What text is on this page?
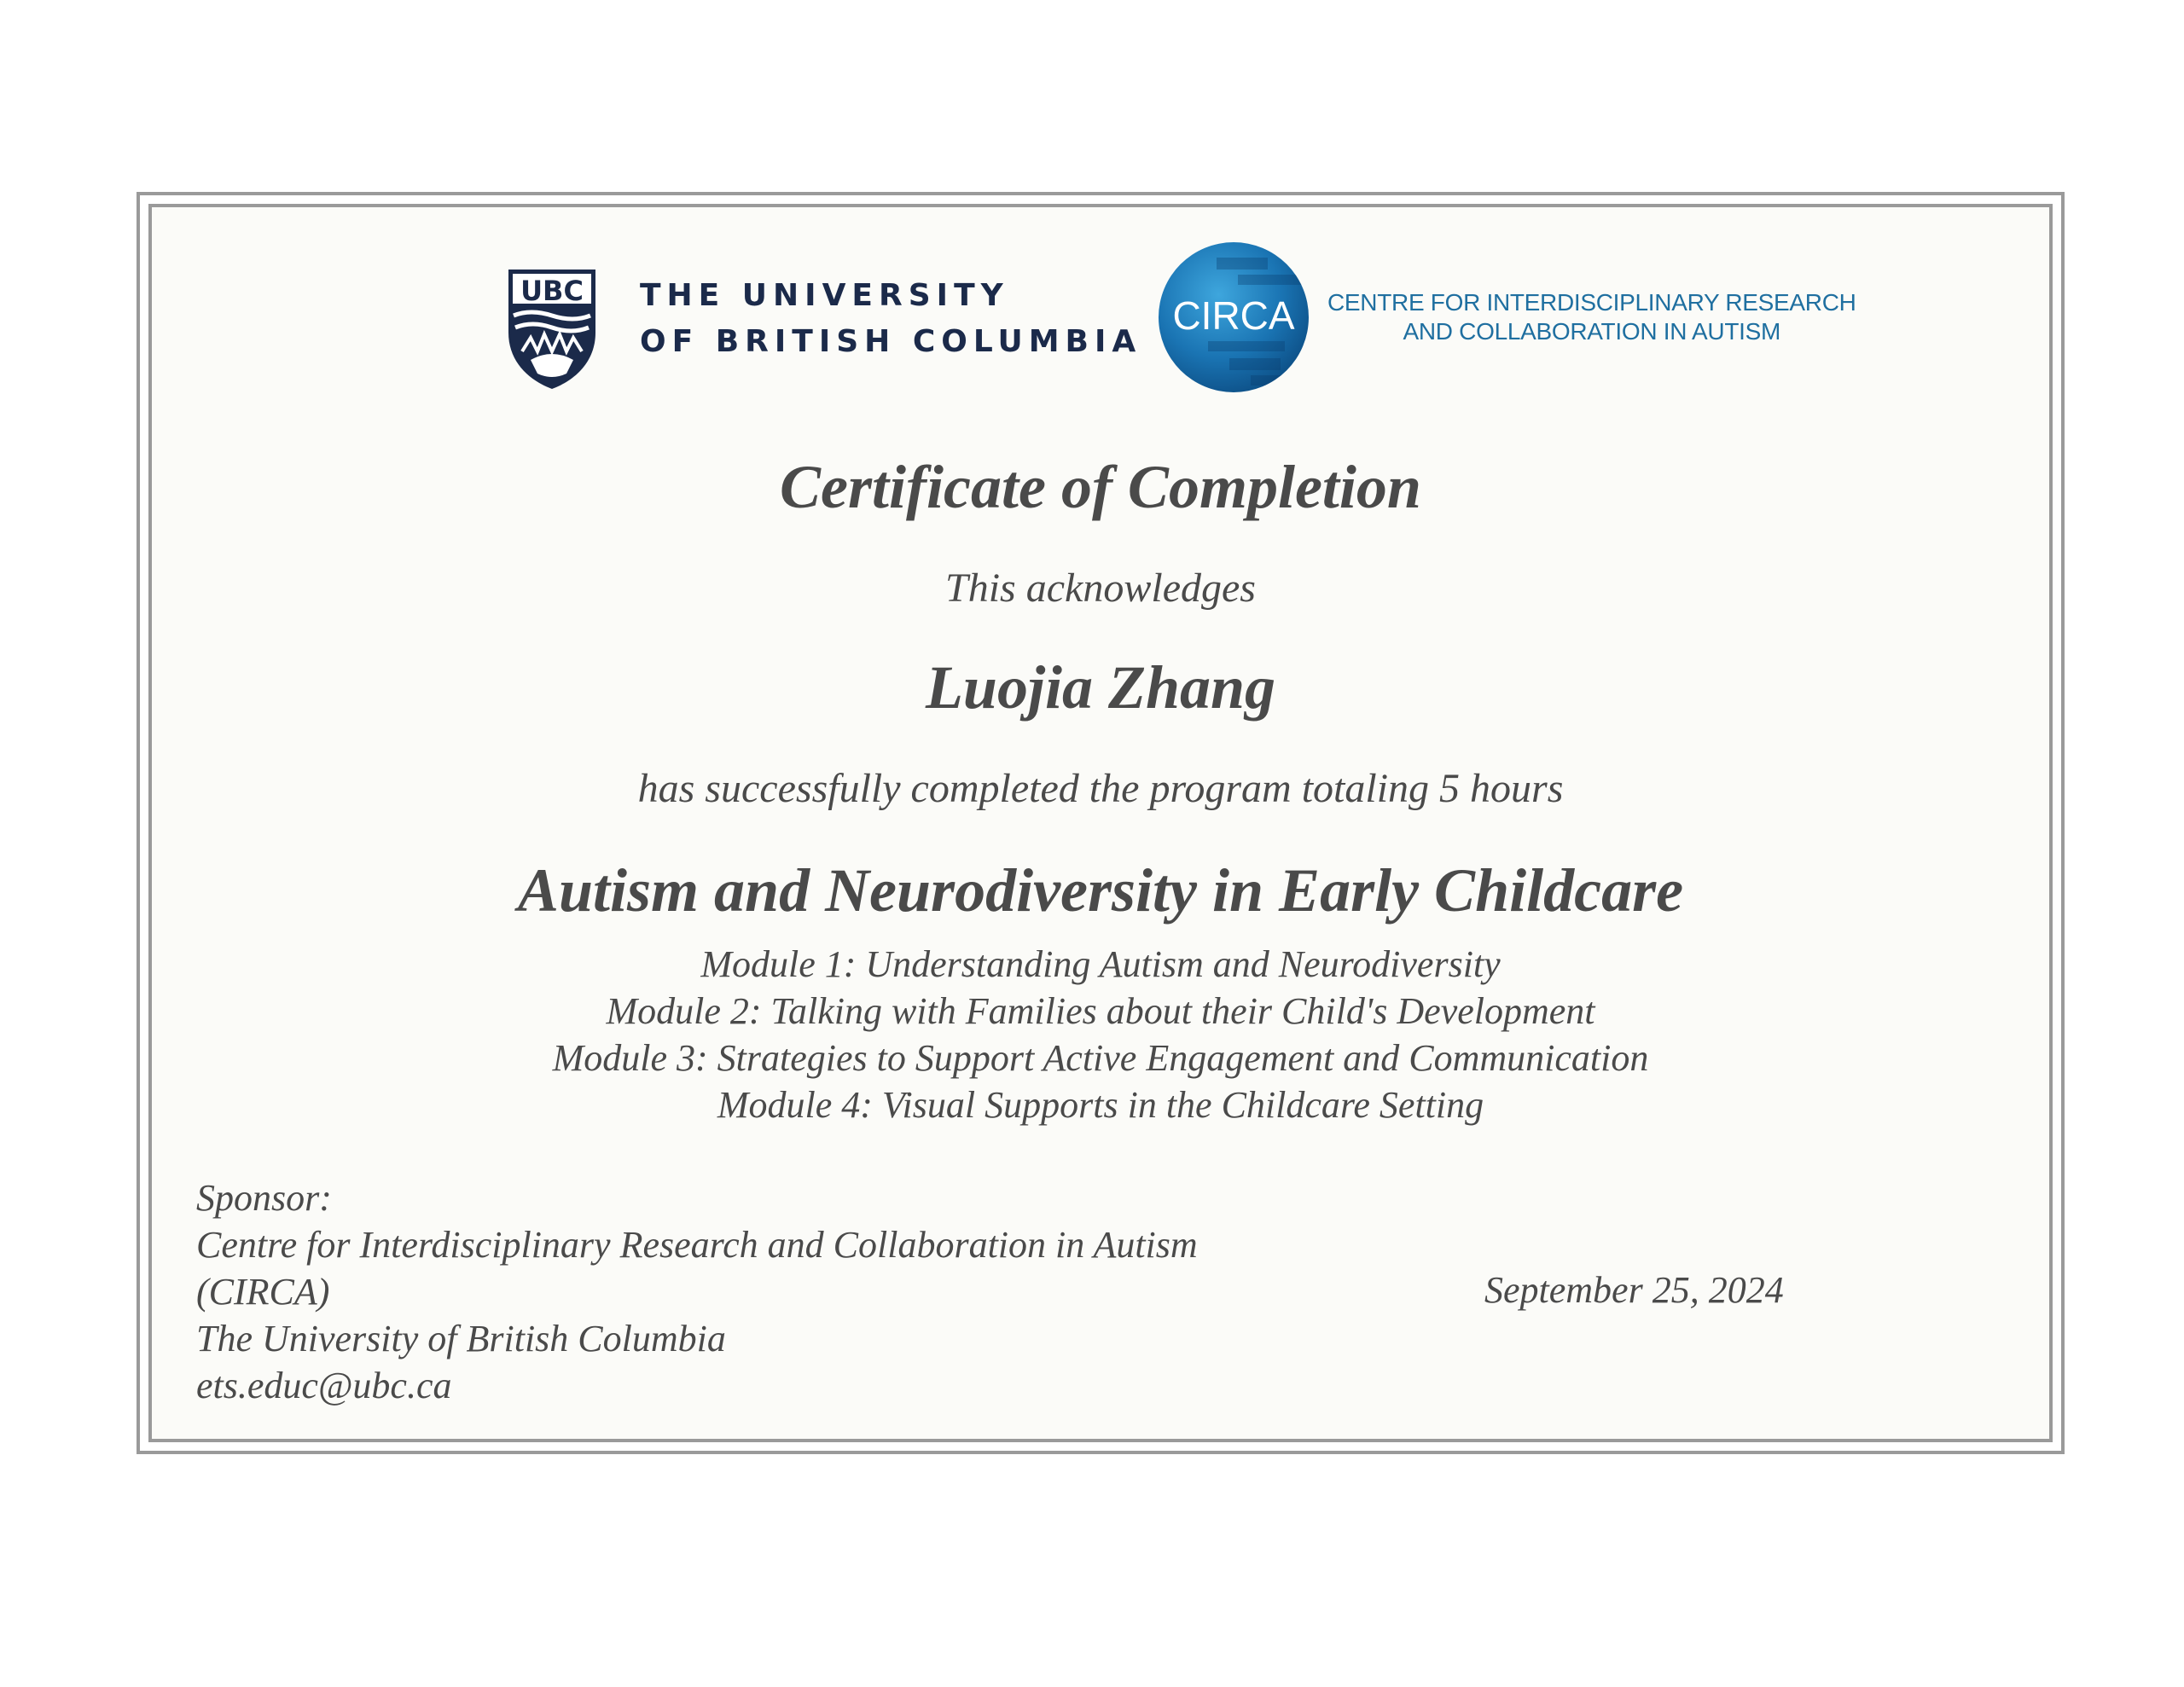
UBC THE UNIVERSITY
OF BRITISH COLUMBIA
CIRCA CENTRE FOR INTERDISCIPLINARY RESEARCH
AND COLLABORATION IN AUTISM
Certificate of Completion
This acknowledges
Luojia Zhang
has successfully completed the program totaling 5 hours
Autism and Neurodiversity in Early Childcare
Module 1: Understanding Autism and Neurodiversity
Module 2: Talking with Families about their Child's Development
Module 3: Strategies to Support Active Engagement and Communication
Module 4: Visual Supports in the Childcare Setting
Sponsor:
Centre for Interdisciplinary Research and Collaboration in Autism
(CIRCA)
The University of British Columbia
ets.educ@ubc.ca
September 25, 2024
